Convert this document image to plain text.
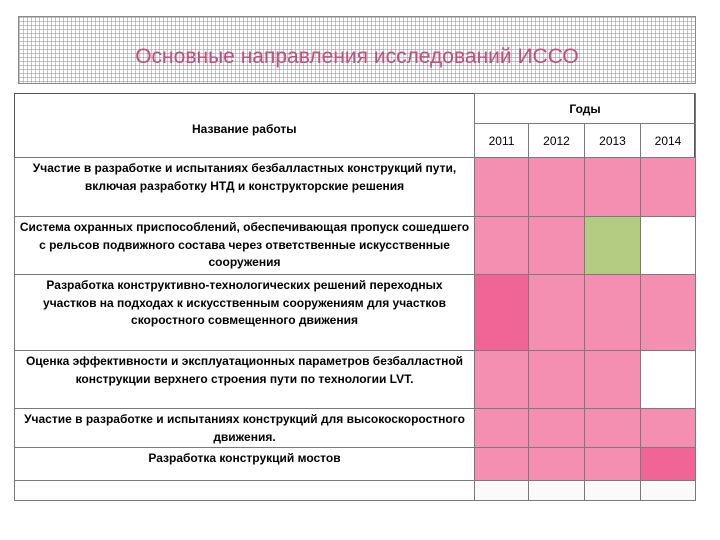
Основные направления исследований ИССО
Название работы	Годы			
	2011	2012	2013	2014
Участие в разработке и испытаниях безбалластных конструкций пути, включая разработку НТД и конструкторские решения				
Система охранных приспособлений, обеспечивающая пропуск сошедшего с рельсов подвижного состава через ответственные искусственные сооружения				
Разработка конструктивно-технологических решений переходных участков на подходах к искусственным сооружениям для участков скоростного совмещенного движения				
Оценка эффективности и эксплуатационных параметров безбалластной конструкции верхнего строения пути по технологии LVT.				
Участие в разработке и испытаниях конструкций для высокоскоростного движения.				
Разработка конструкций мостов				
